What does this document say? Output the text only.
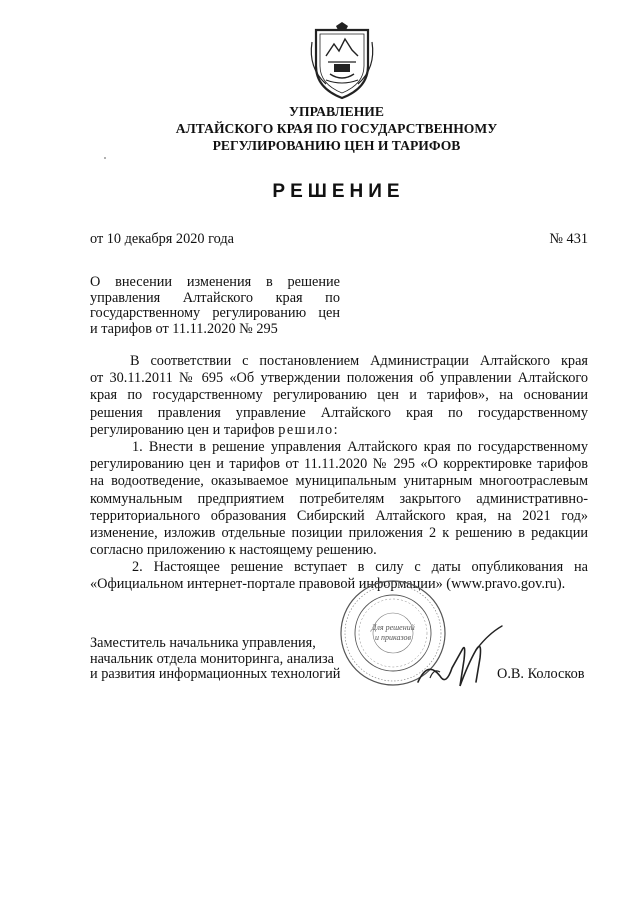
УПРАВЛЕНИЕ
АЛТАЙСКОГО КРАЯ ПО ГОСУДАРСТВЕННОМУ
РЕГУЛИРОВАНИЮ ЦЕН И ТАРИФОВ
РЕШЕНИЕ
от 10 декабря 2020 года	№ 431
О внесении изменения в решение
управления Алтайского края по
государственному регулированию цен
и тарифов от 11.11.2020 № 295
В соответствии с постановлением Администрации Алтайского края
от 30.11.2011 № 695 «Об утверждении положения об управлении Алтайского
края по государственному регулированию цен и тарифов», на основании
решения правления управление Алтайского края по государственному
регулированию цен и тарифов решило:
1. Внести в решение управления Алтайского края по государственному
регулированию цен и тарифов от 11.11.2020 № 295 «О корректировке тарифов
на водоотведение, оказываемое муниципальным унитарным многоотраслевым
коммунальным предприятием потребителям закрытого административно-
территориального образования Сибирский Алтайского края, на 2021 год»
изменение, изложив отдельные позиции приложения 2 к решению в редакции
согласно приложению к настоящему решению.
2. Настоящее решение вступает в силу с даты опубликования на
«Официальном интернет-портале правовой информации» (www.pravo.gov.ru).
Для решений
и приказов
Заместитель начальника управления,
начальник отдела мониторинга, анализа
и развития информационных технологий	О.В. Колосков
